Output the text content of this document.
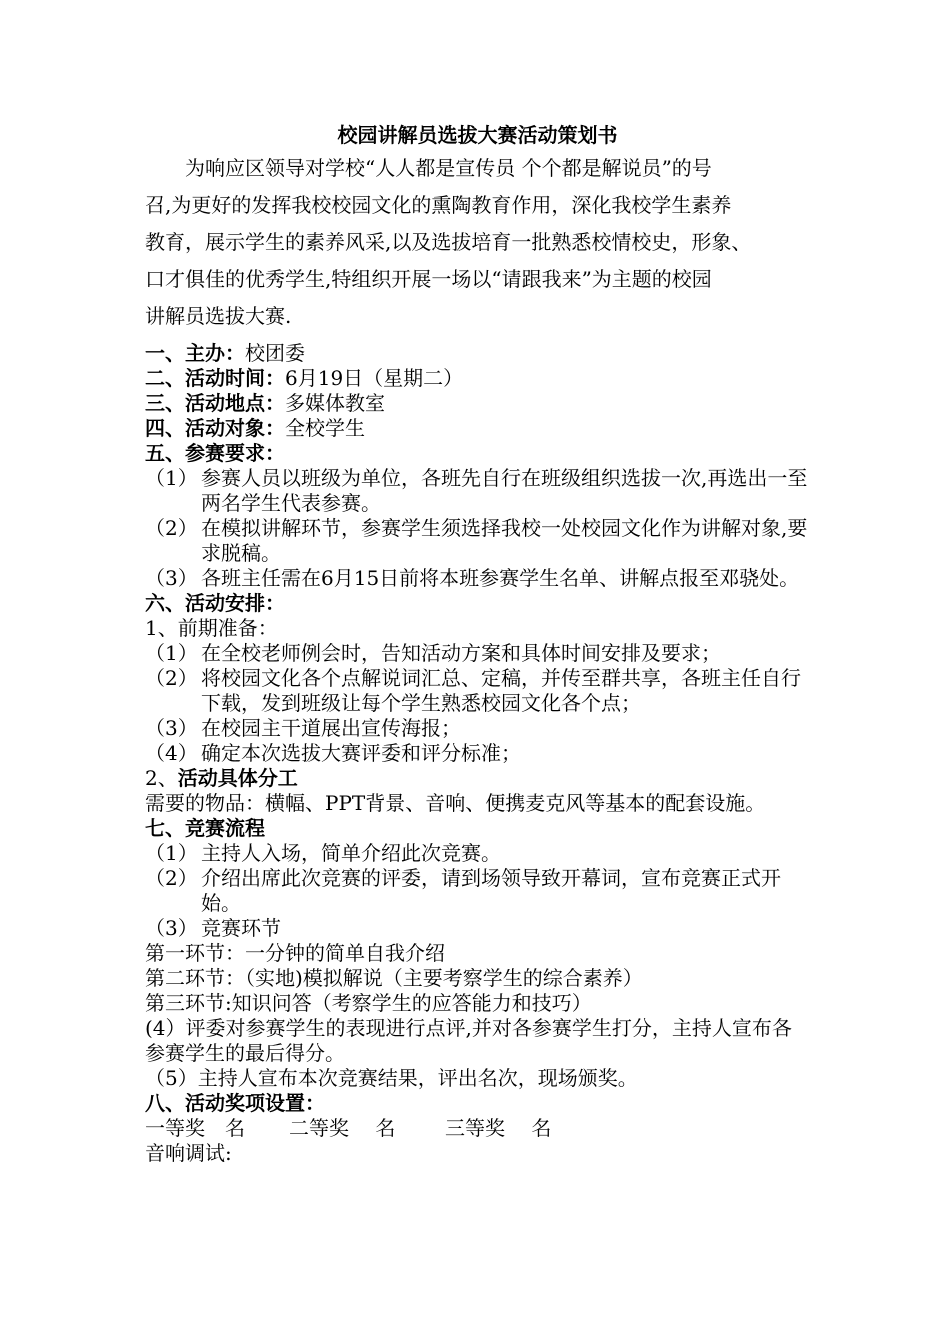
校园讲解员选拔大赛活动策划书

为响应区领导对学校“人人都是宣传员 个个都是解说员”的号

召,为更好的发挥我校校园文化的熏陶教育作用，深化我校学生素养

教育，展示学生的素养风采,以及选拔培育一批熟悉校情校史，形象、

口才俱佳的优秀学生,特组织开展一场以“请跟我来”为主题的校园

讲解员选拔大赛.

一、主办：校团委

二、活动时间：6月19日（星期二）

三、活动地点：多媒体教室

四、活动对象：全校学生

五、参赛要求：

（1） 参赛人员以班级为单位，各班先自行在班级组织选拔一次,再选出一至两名学生代表参赛。

（2） 在模拟讲解环节，参赛学生须选择我校一处校园文化作为讲解对象,要求脱稿。

（3） 各班主任需在6月15日前将本班参赛学生名单、讲解点报至邓骁处。

六、活动安排：

1、前期准备：

（1） 在全校老师例会时，告知活动方案和具体时间安排及要求；

（2） 将校园文化各个点解说词汇总、定稿，并传至群共享，各班主任自行下载，发到班级让每个学生熟悉校园文化各个点；

（3） 在校园主干道展出宣传海报；

（4） 确定本次选拔大赛评委和评分标准；

2、活动具体分工

需要的物品：横幅、PPT背景、音响、便携麦克风等基本的配套设施。

七、竞赛流程

（1） 主持人入场，简单介绍此次竞赛。

（2） 介绍出席此次竞赛的评委，请到场领导致开幕词，宣布竞赛正式开始。

（3） 竞赛环节

第一环节：一分钟的简单自我介绍

第二环节：（实地)模拟解说（主要考察学生的综合素养）

第三环节:知识问答（考察学生的应答能力和技巧）

(4）评委对参赛学生的表现进行点评,并对各参赛学生打分，主持人宣布各参赛学生的最后得分。

（5）主持人宣布本次竞赛结果，评出名次，现场颁奖。

八、活动奖项设置：

一等奖　名 二等奖　 名 三等奖　 名

音响调试:
